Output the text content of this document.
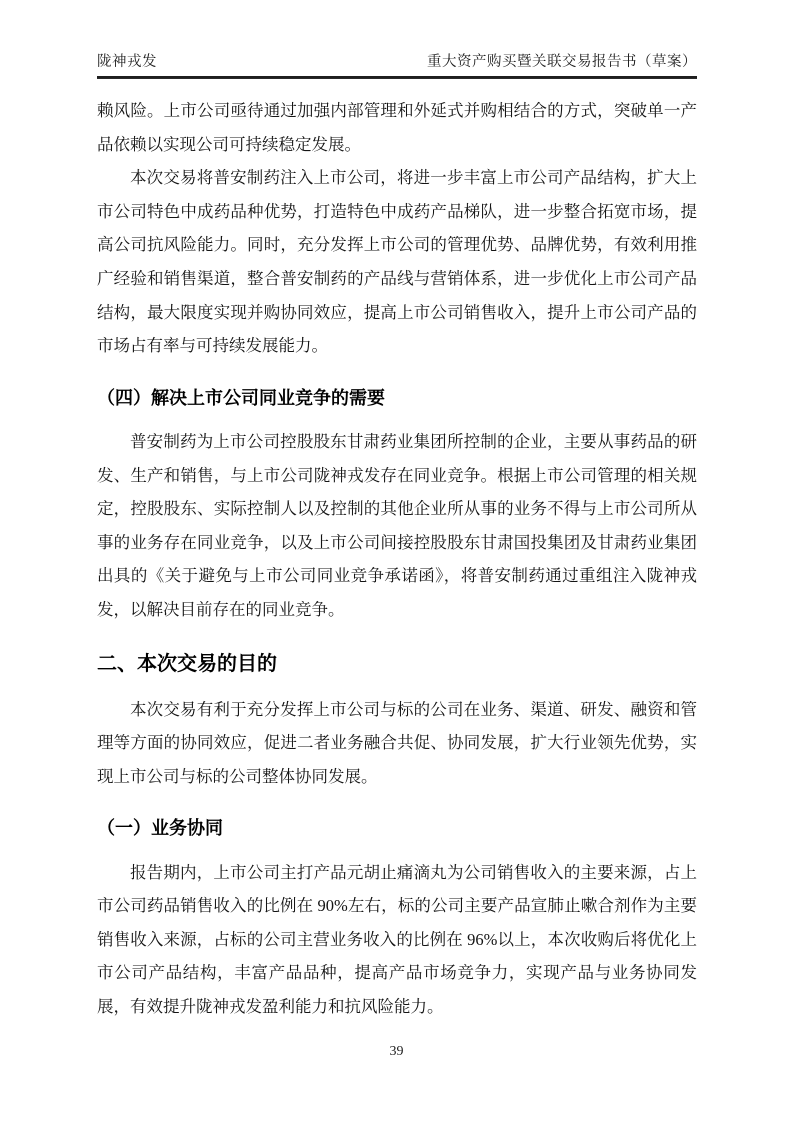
陇神戎发	重大资产购买暨关联交易报告书（草案）

赖风险。上市公司亟待通过加强内部管理和外延式并购相结合的方式，突破单一产品依赖以实现公司可持续稳定发展。

本次交易将普安制药注入上市公司，将进一步丰富上市公司产品结构，扩大上市公司特色中成药品种优势，打造特色中成药产品梯队，进一步整合拓宽市场，提高公司抗风险能力。同时，充分发挥上市公司的管理优势、品牌优势，有效利用推广经验和销售渠道，整合普安制药的产品线与营销体系，进一步优化上市公司产品结构，最大限度实现并购协同效应，提高上市公司销售收入，提升上市公司产品的市场占有率与可持续发展能力。

（四）解决上市公司同业竞争的需要

普安制药为上市公司控股股东甘肃药业集团所控制的企业，主要从事药品的研发、生产和销售，与上市公司陇神戎发存在同业竞争。根据上市公司管理的相关规定，控股股东、实际控制人以及控制的其他企业所从事的业务不得与上市公司所从事的业务存在同业竞争，以及上市公司间接控股股东甘肃国投集团及甘肃药业集团出具的《关于避免与上市公司同业竞争承诺函》，将普安制药通过重组注入陇神戎发，以解决目前存在的同业竞争。

二、本次交易的目的

本次交易有利于充分发挥上市公司与标的公司在业务、渠道、研发、融资和管理等方面的协同效应，促进二者业务融合共促、协同发展，扩大行业领先优势，实现上市公司与标的公司整体协同发展。

（一）业务协同

报告期内，上市公司主打产品元胡止痛滴丸为公司销售收入的主要来源，占上市公司药品销售收入的比例在 90%左右，标的公司主要产品宣肺止嗽合剂作为主要销售收入来源，占标的公司主营业务收入的比例在 96%以上，本次收购后将优化上市公司产品结构，丰富产品品种，提高产品市场竞争力，实现产品与业务协同发展，有效提升陇神戎发盈利能力和抗风险能力。

39
